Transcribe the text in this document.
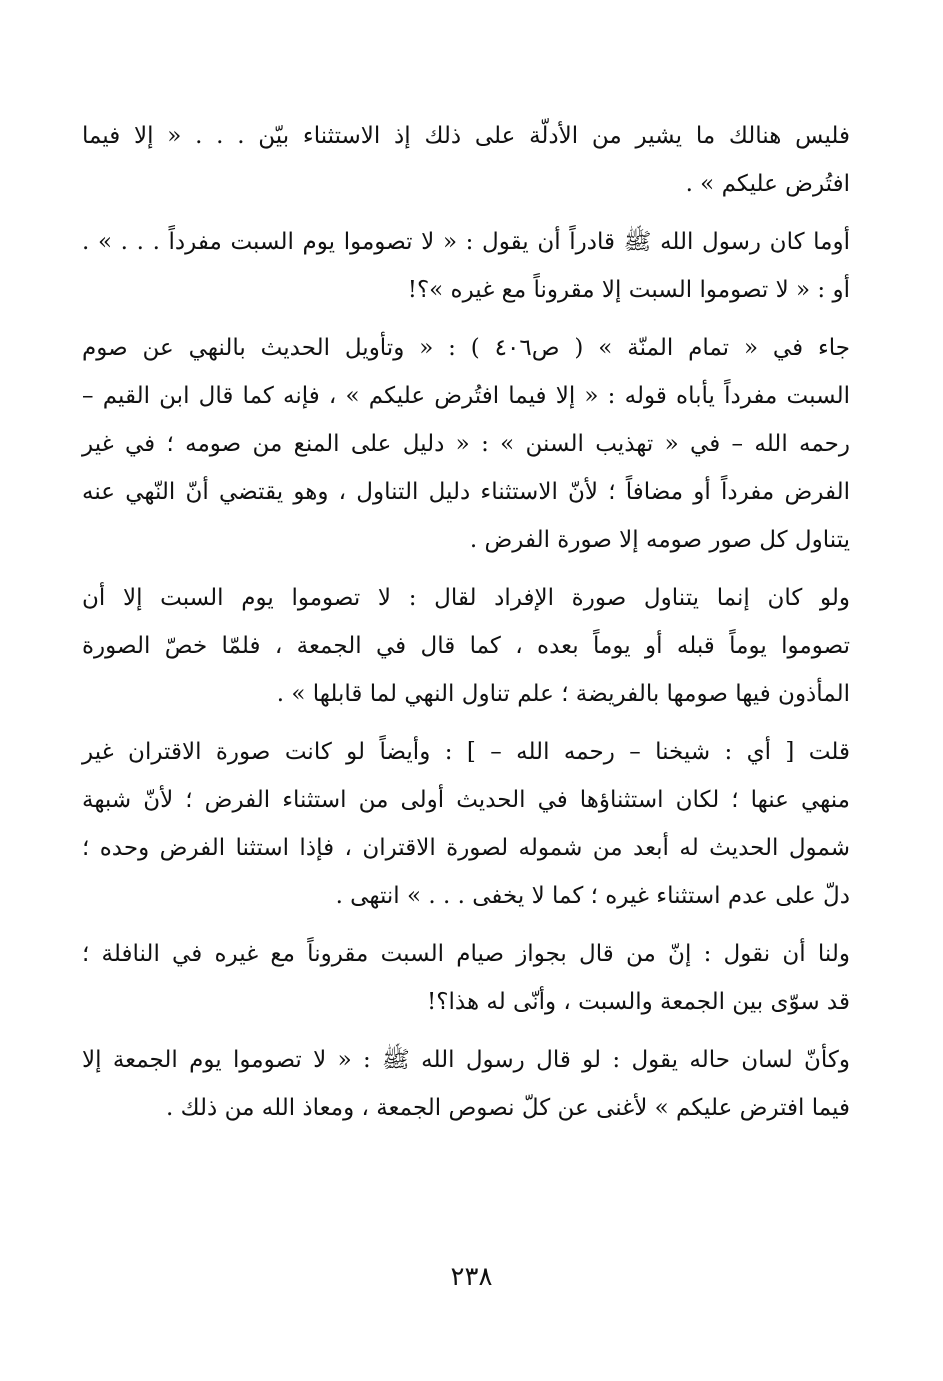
فليس هنالك ما يشير من الأدلّة على ذلك إذ الاستثناء بيّن . . . « إلا فيما
افتُرض عليكم » .

أوما كان رسول الله ﷺ قادراً أن يقول : « لا تصوموا يوم السبت مفرداً . . . » .
أو : « لا تصوموا السبت إلا مقروناً مع غيره »؟!

جاء في « تمام المنّة » ( ص٤٠٦ ) : « وتأويل الحديث بالنهي عن صوم
السبت مفرداً يأباه قوله : « إلا فيما افتُرض عليكم » ، فإنه كما قال ابن القيم –
رحمه الله – في « تهذيب السنن » : « دليل على المنع من صومه ؛ في غير
الفرض مفرداً أو مضافاً ؛ لأنّ الاستثناء دليل التناول ، وهو يقتضي أنّ النّهي عنه
يتناول كل صور صومه إلا صورة الفرض .

ولو كان إنما يتناول صورة الإفراد لقال : لا تصوموا يوم السبت إلا أن
تصوموا يوماً قبله أو يوماً بعده ، كما قال في الجمعة ، فلمّا خصّ الصورة
المأذون فيها صومها بالفريضة ؛ علم تناول النهي لما قابلها » .

قلت [ أي : شيخنا – رحمه الله – ] : وأيضاً لو كانت صورة الاقتران غير
منهي عنها ؛ لكان استثناؤها في الحديث أولى من استثناء الفرض ؛ لأنّ شبهة
شمول الحديث له أبعد من شموله لصورة الاقتران ، فإذا استثنا الفرض وحده ؛
دلّ على عدم استثناء غيره ؛ كما لا يخفى . . . » انتهى .

ولنا أن نقول : إنّ من قال بجواز صيام السبت مقروناً مع غيره في النافلة ؛
قد سوّى بين الجمعة والسبت ، وأنّى له هذا؟!

وكأنّ لسان حاله يقول : لو قال رسول الله ﷺ : « لا تصوموا يوم الجمعة إلا
فيما افترض عليكم » لأغنى عن كلّ نصوص الجمعة ، ومعاذ الله من ذلك .

٢٣٨
